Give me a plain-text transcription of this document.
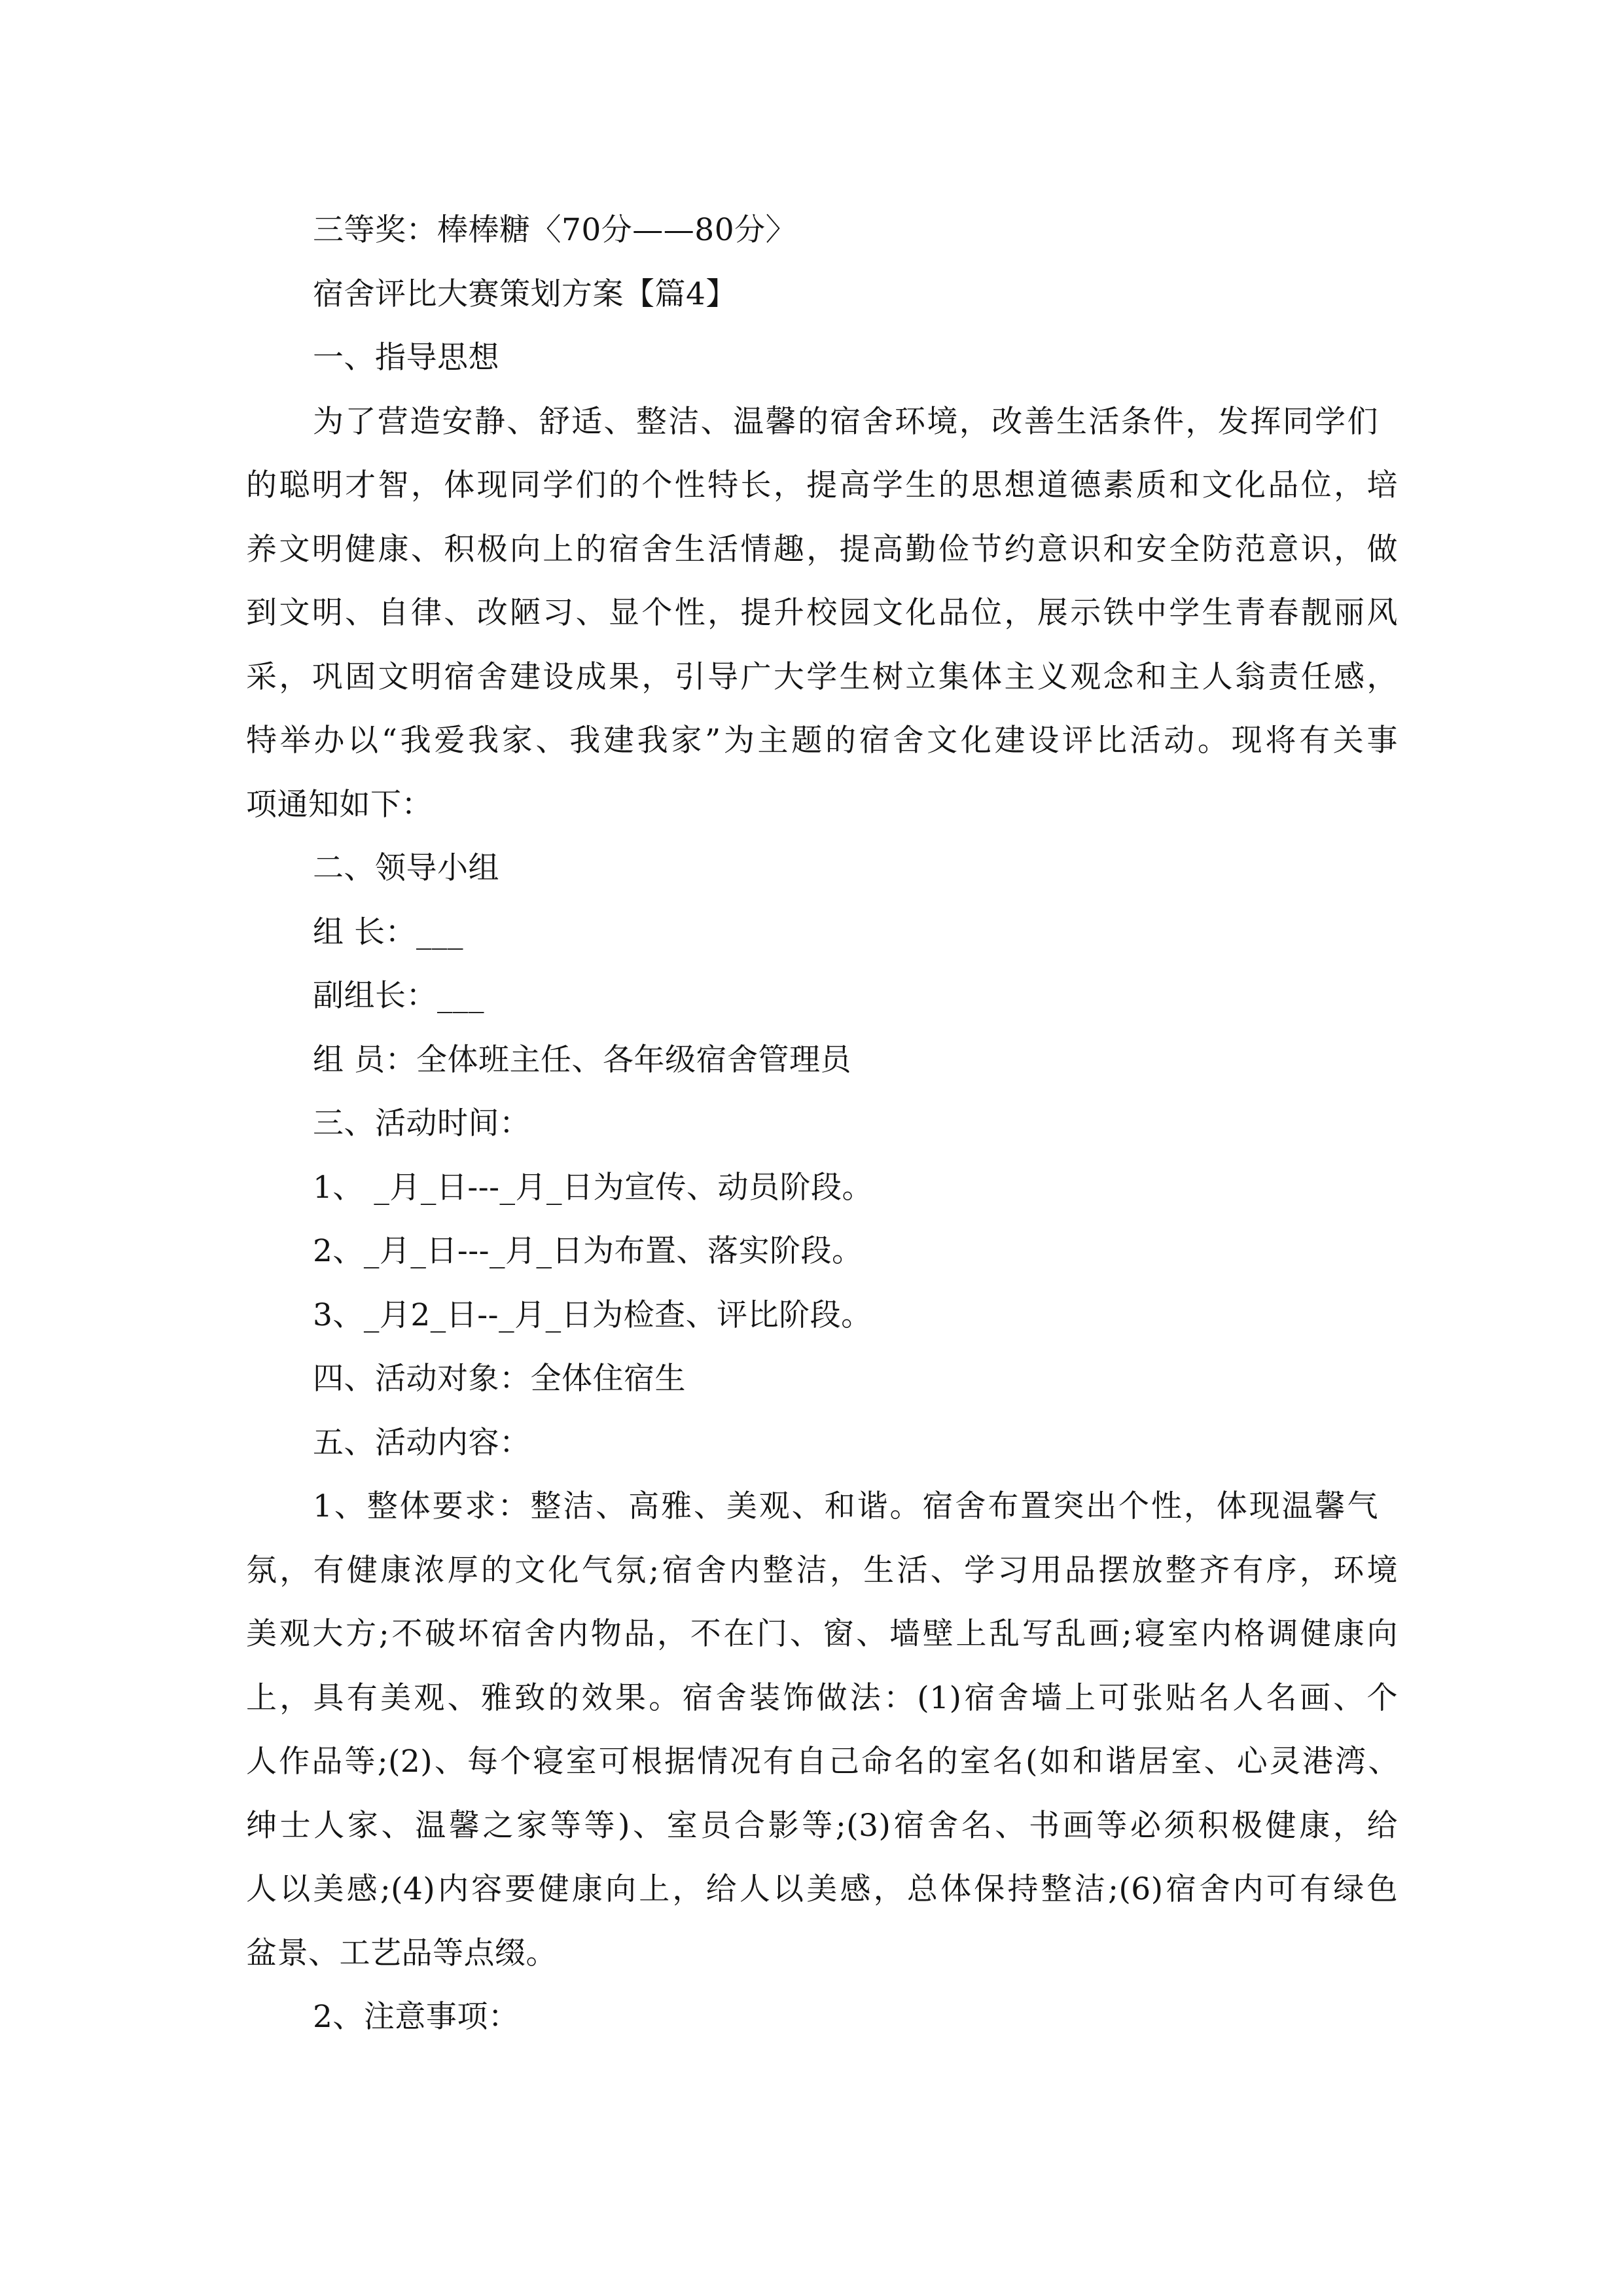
三等奖：棒棒糖〈70分——80分〉
宿舍评比大赛策划方案【篇4】
一、指导思想
为了营造安静、舒适、整洁、温馨的宿舍环境，改善生活条件，发挥同学们
的聪明才智，体现同学们的个性特长，提高学生的思想道德素质和文化品位，培
养文明健康、积极向上的宿舍生活情趣，提高勤俭节约意识和安全防范意识，做
到文明、自律、改陋习、显个性，提升校园文化品位，展示铁中学生青春靓丽风
采，巩固文明宿舍建设成果，引导广大学生树立集体主义观念和主人翁责任感，
特举办以“我爱我家、我建我家”为主题的宿舍文化建设评比活动。现将有关事
项通知如下：
二、领导小组
组 长：___
副组长：___
组 员：全体班主任、各年级宿舍管理员
三、活动时间：
1、 _月_日---_月_日为宣传、动员阶段。
2、_月_日---_月_日为布置、落实阶段。
3、_月2_日--_月_日为检查、评比阶段。
四、活动对象：全体住宿生
五、活动内容：
1、整体要求：整洁、高雅、美观、和谐。宿舍布置突出个性，体现温馨气
氛，有健康浓厚的文化气氛;宿舍内整洁，生活、学习用品摆放整齐有序，环境
美观大方;不破坏宿舍内物品，不在门、窗、墙壁上乱写乱画;寝室内格调健康向
上，具有美观、雅致的效果。宿舍装饰做法：(1)宿舍墙上可张贴名人名画、个
人作品等;(2)、每个寝室可根据情况有自己命名的室名(如和谐居室、心灵港湾、
绅士人家、温馨之家等等)、室员合影等;(3)宿舍名、书画等必须积极健康，给
人以美感;(4)内容要健康向上，给人以美感，总体保持整洁;(6)宿舍内可有绿色
盆景、工艺品等点缀。
2、注意事项：
